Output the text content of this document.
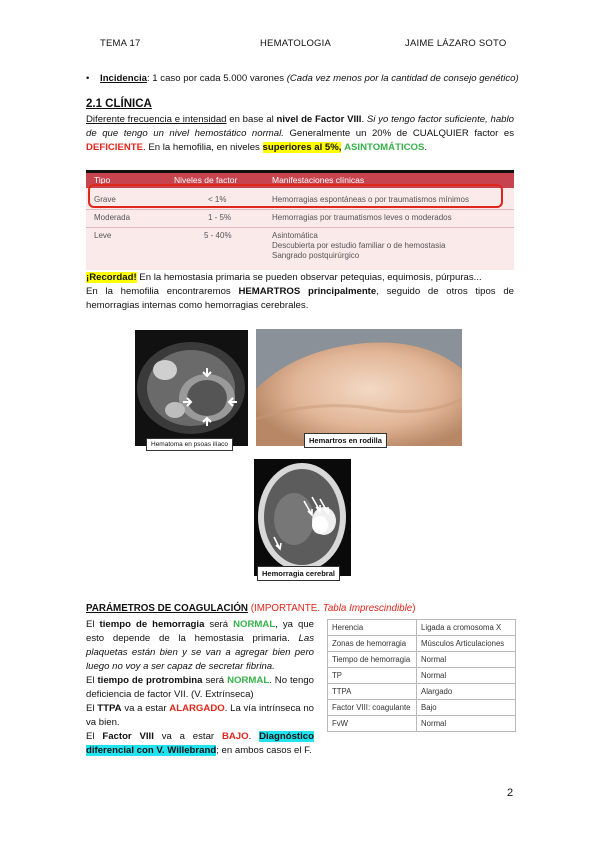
TEMA 17	HEMATOLOGIA	JAIME LÁZARO SOTO
• Incidencia: 1 caso por cada 5.000 varones (Cada vez menos por la cantidad de consejo genético)
2.1 CLÍNICA
Diferente frecuencia e intensidad en base al nivel de Factor VIII. Si yo tengo factor suficiente, hablo de que tengo un nivel hemostático normal. Generalmente un 20% de CUALQUIER factor es DEFICIENTE. En la hemofilia, en niveles superiores al 5%, ASINTOMÁTICOS.
Tipo	Niveles de factor	Manifestaciones clínicas
Grave	< 1%	Hemorragias espontáneas o por traumatismos mínimos
Moderada	1 - 5%	Hemorragias por traumatismos leves o moderados
Leve	5 - 40%	Asintomática
Descubierta por estudio familiar o de hemostasia
Sangrado postquirúrgico
¡Recordad! En la hemostasia primaria se pueden observar petequias, equimosis, púrpuras...
En la hemofilia encontraremos HEMARTROS principalmente, seguido de otros tipos de hemorragias internas como hemorragias cerebrales.
Hematoma en psoas ilíaco	Hemartros en rodilla
Hemorragia cerebral
PARÁMETROS DE COAGULACIÓN (IMPORTANTE. Tabla Imprescindible)
El tiempo de hemorragia será NORMAL, ya que esto depende de la hemostasia primaria. Las plaquetas están bien y se van a agregar bien pero luego no voy a ser capaz de secretar fibrina.
El tiempo de protrombina será NORMAL. No tengo deficiencia de factor VII. (V. Extrínseca)
El TTPA va a estar ALARGADO. La vía intrínseca no va bien.
El Factor VIII va a estar BAJO. Diagnóstico diferencial con V. Willebrand; en ambos casos el F.
Herencia	Ligada a cromosoma X
Zonas de hemorragia	Músculos Articulaciones
Tiempo de hemorragia	Normal
TP	Normal
TTPA	Alargado
Factor VIII: coagulante	Bajo
FvW	Normal
2
